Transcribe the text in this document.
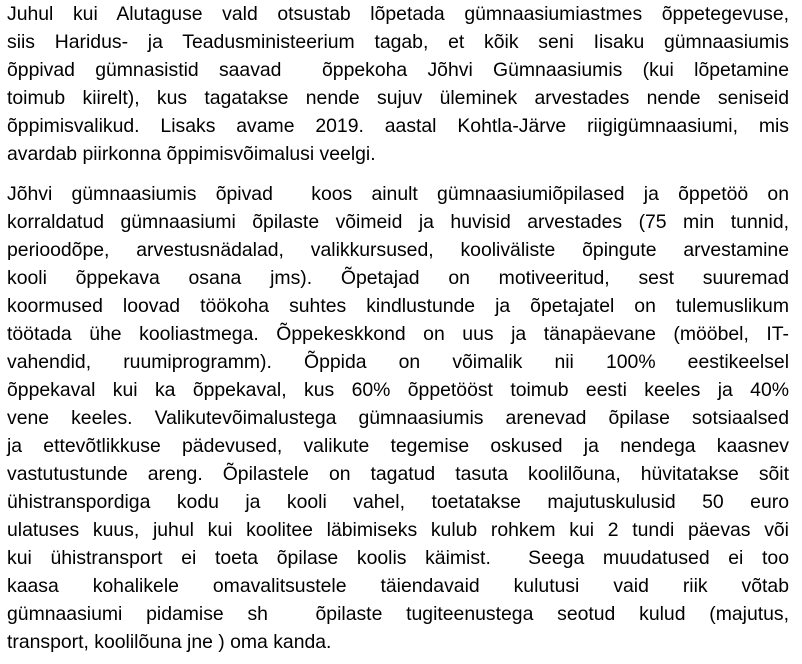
Juhul kui Alutaguse vald otsustab lõpetada gümnaasiumiastmes õppetegevuse,
siis Haridus- ja Teadusministeerium tagab, et kõik seni Iisaku gümnaasiumis
õppivad gümnasistid saavad  õppekoha Jõhvi Gümnaasiumis (kui lõpetamine
toimub kiirelt), kus tagatakse nende sujuv üleminek arvestades nende seniseid
õppimisvalikud. Lisaks avame 2019. aastal Kohtla-Järve riigigümnaasiumi, mis
avardab piirkonna õppimisvõimalusi veelgi.
Jõhvi gümnaasiumis õpivad  koos ainult gümnaasiumiõpilased ja õppetöö on
korraldatud gümnaasiumi õpilaste võimeid ja huvisid arvestades (75 min tunnid,
perioodõpe, arvestusnädalad, valikkursused, kooliväliste õpingute arvestamine
kooli õppekava osana jms). Õpetajad on motiveeritud, sest suuremad
koormused loovad töökoha suhtes kindlustunde ja õpetajatel on tulemuslikum
töötada ühe kooliastmega. Õppekeskkond on uus ja tänapäevane (mööbel, IT-
vahendid, ruumiprogramm). Õppida on võimalik nii 100% eestikeelsel
õppekaval kui ka õppekaval, kus 60% õppetööst toimub eesti keeles ja 40%
vene keeles. Valikutevõimalustega gümnaasiumis arenevad õpilase sotsiaalsed
ja ettevõtlikkuse pädevused, valikute tegemise oskused ja nendega kaasnev
vastutustunde areng. Õpilastele on tagatud tasuta koolilõuna, hüvitatakse sõit
ühistranspordiga kodu ja kooli vahel, toetatakse majutuskulusid 50 euro
ulatuses kuus, juhul kui koolitee läbimiseks kulub rohkem kui 2 tundi päevas või
kui ühistransport ei toeta õpilase koolis käimist.  Seega muudatused ei too
kaasa kohalikele omavalitsustele täiendavaid kulutusi vaid riik võtab
gümnaasiumi pidamise sh  õpilaste tugiteenustega seotud kulud (majutus,
transport, koolilõuna jne ) oma kanda.
